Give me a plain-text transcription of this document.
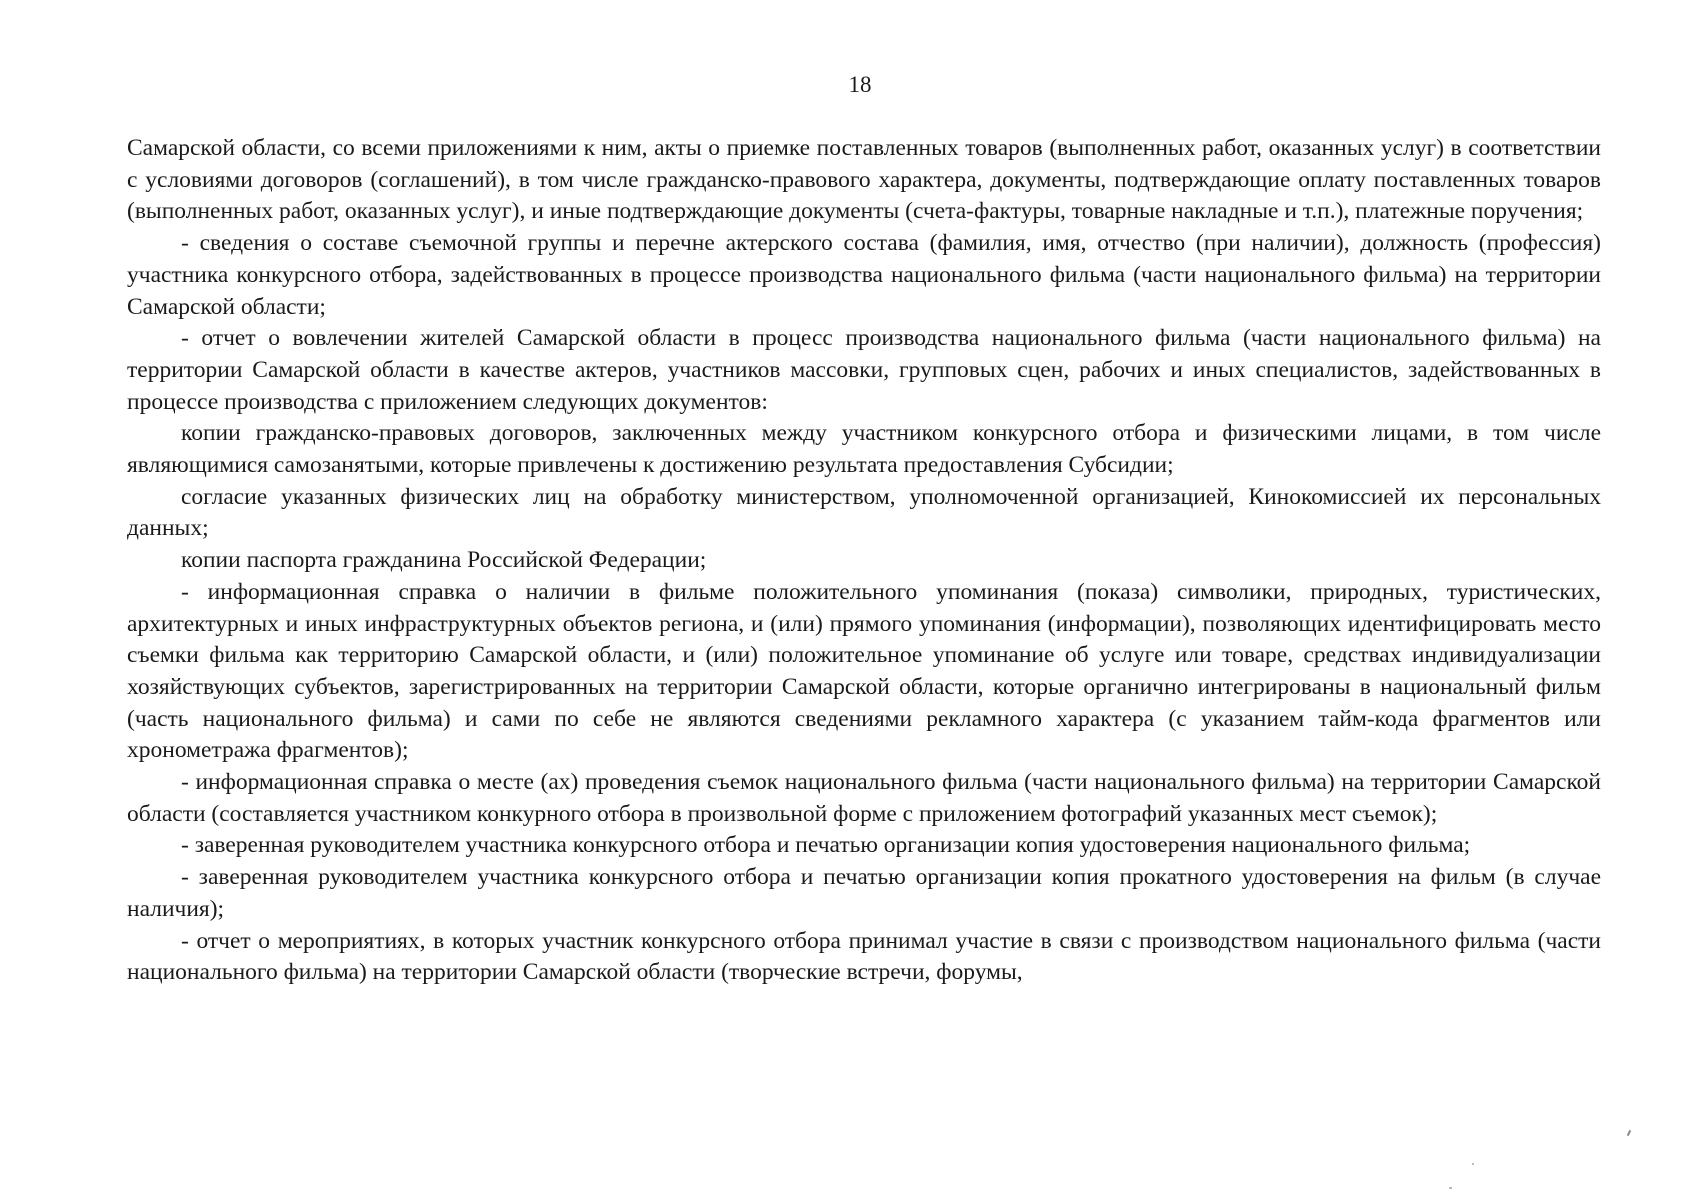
18

Самарской области, со всеми приложениями к ним, акты о приемке поставленных товаров (выполненных работ, оказанных услуг) в соответствии с условиями договоров (соглашений), в том числе гражданско-правового характера, документы, подтверждающие оплату поставленных товаров (выполненных работ, оказанных услуг), и иные подтверждающие документы (счета-фактуры, товарные накладные и т.п.), платежные поручения;

- сведения о составе съемочной группы и перечне актерского состава (фамилия, имя, отчество (при наличии), должность (профессия) участника конкурсного отбора, задействованных в процессе производства национального фильма (части национального фильма) на территории Самарской области;

- отчет о вовлечении жителей Самарской области в процесс производства национального фильма (части национального фильма) на территории Самарской области в качестве актеров, участников массовки, групповых сцен, рабочих и иных специалистов, задействованных в процессе производства с приложением следующих документов:

копии гражданско-правовых договоров, заключенных между участником конкурсного отбора и физическими лицами, в том числе являющимися самозанятыми, которые привлечены к достижению результата предоставления Субсидии;

согласие указанных физических лиц на обработку министерством, уполномоченной организацией, Кинокомиссией их персональных данных;

копии паспорта гражданина Российской Федерации;

- информационная справка о наличии в фильме положительного упоминания (показа) символики, природных, туристических, архитектурных и иных инфраструктурных объектов региона, и (или) прямого упоминания (информации), позволяющих идентифицировать место съемки фильма как территорию Самарской области, и (или) положительное упоминание об услуге или товаре, средствах индивидуализации хозяйствующих субъектов, зарегистрированных на территории Самарской области, которые органично интегрированы в национальный фильм (часть национального фильма) и сами по себе не являются сведениями рекламного характера (с указанием тайм-кода фрагментов или хронометража фрагментов);

- информационная справка о месте (ах) проведения съемок национального фильма (части национального фильма) на территории Самарской области (составляется участником конкурного отбора в произвольной форме с приложением фотографий указанных мест съемок);

- заверенная руководителем участника конкурсного отбора и печатью организации копия удостоверения национального фильма;

- заверенная руководителем участника конкурсного отбора и печатью организации копия прокатного удостоверения на фильм (в случае наличия);

- отчет о мероприятиях, в которых участник конкурсного отбора принимал участие в связи с производством национального фильма (части национального фильма) на территории Самарской области (творческие встречи, форумы,
